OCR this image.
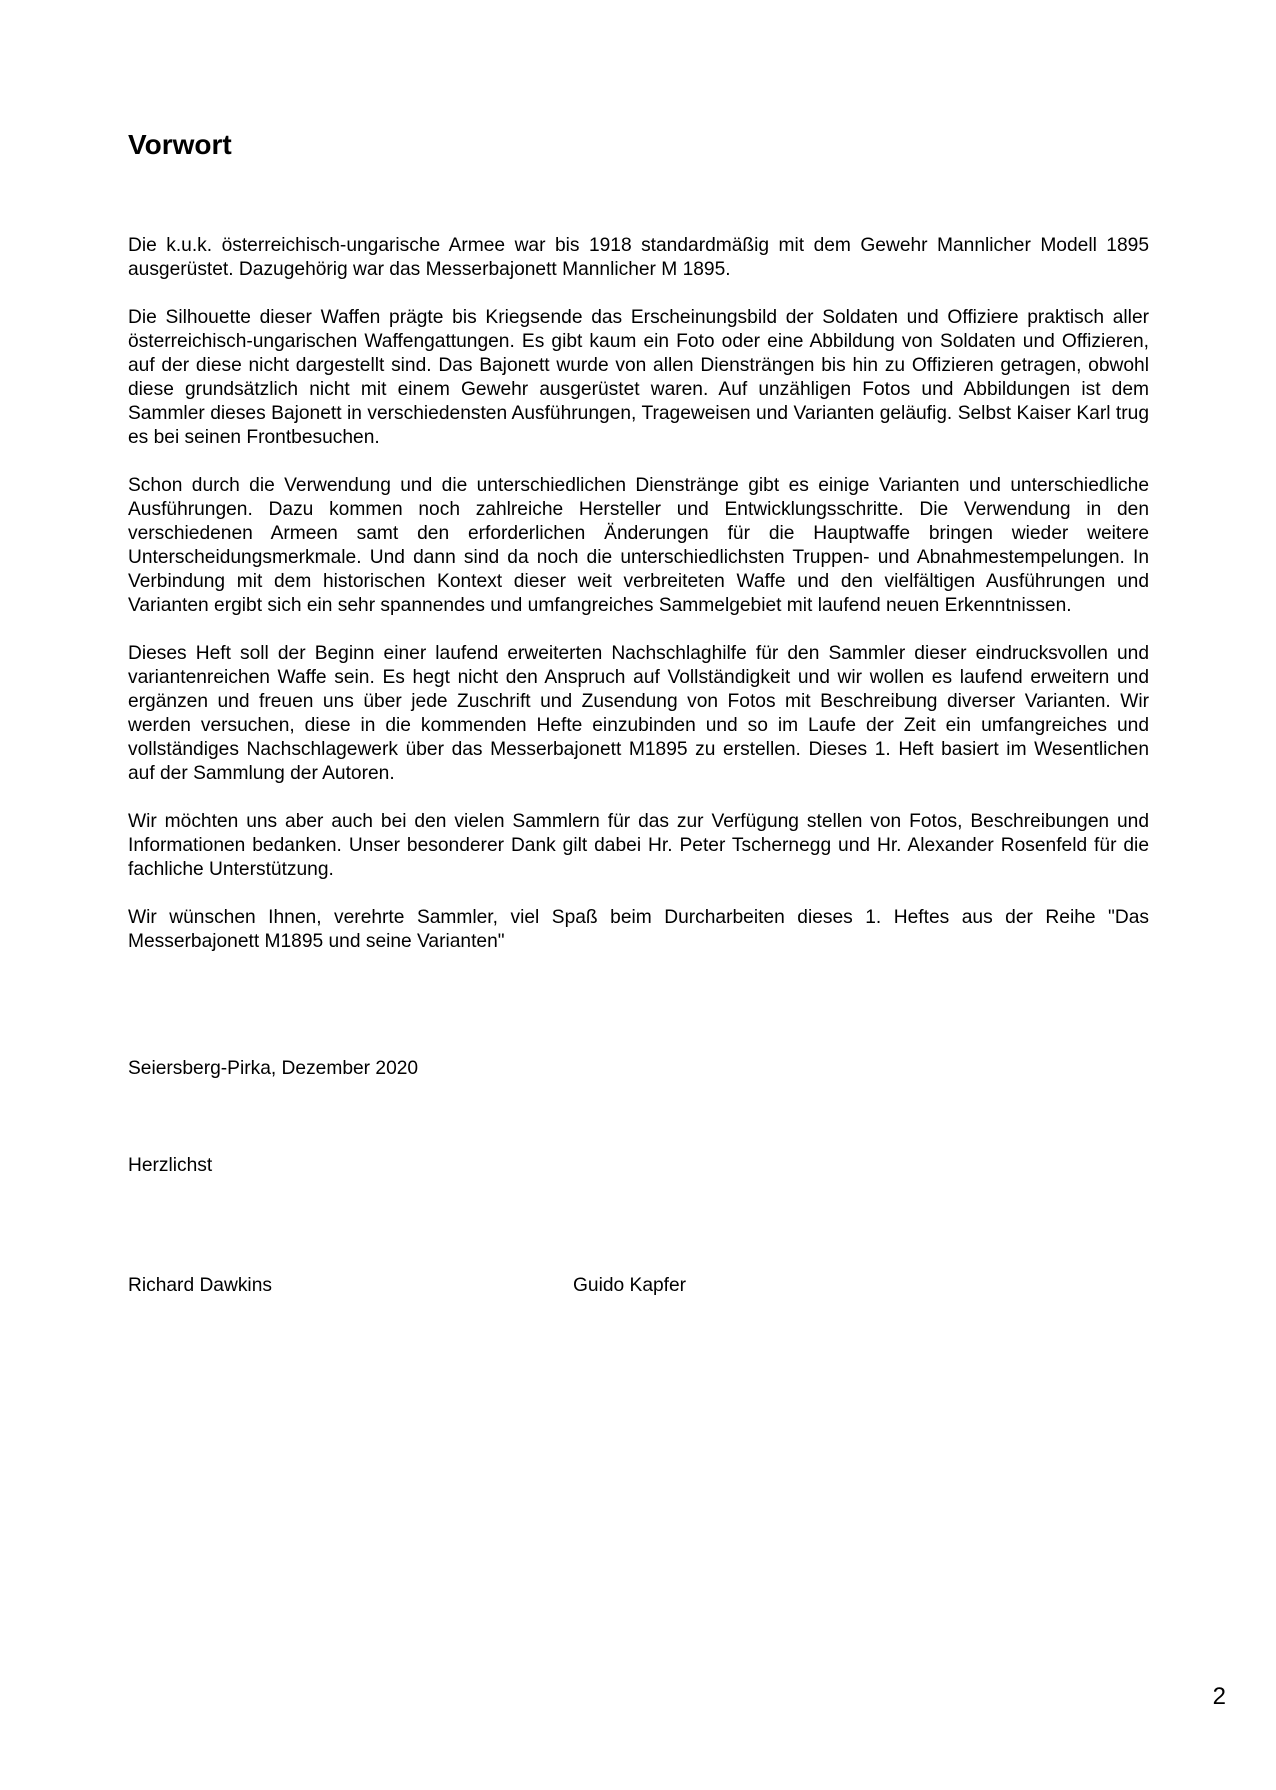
Vorwort

Die k.u.k. österreichisch-ungarische Armee war bis 1918 standardmäßig mit dem Gewehr Mannlicher Modell 1895 ausgerüstet. Dazugehörig war das Messerbajonett Mannlicher M 1895.

Die Silhouette dieser Waffen prägte bis Kriegsende das Erscheinungsbild der Soldaten und Offiziere praktisch aller österreichisch-ungarischen Waffengattungen. Es gibt kaum ein Foto oder eine Abbildung von Soldaten und Offizieren, auf der diese nicht dargestellt sind. Das Bajonett wurde von allen Diensträngen bis hin zu Offizieren getragen, obwohl diese grundsätzlich nicht mit einem Gewehr ausgerüstet waren. Auf unzähligen Fotos und Abbildungen ist dem Sammler dieses Bajonett in verschiedensten Ausführungen, Trageweisen und Varianten geläufig. Selbst Kaiser Karl trug es bei seinen Frontbesuchen.

Schon durch die Verwendung und die unterschiedlichen Dienstränge gibt es einige Varianten und unterschiedliche Ausführungen. Dazu kommen noch zahlreiche Hersteller und Entwicklungsschritte. Die Verwendung in den verschiedenen Armeen samt den erforderlichen Änderungen für die Hauptwaffe bringen wieder weitere Unterscheidungsmerkmale. Und dann sind da noch die unterschiedlichsten Truppen- und Abnahmestempelungen. In Verbindung mit dem historischen Kontext dieser weit verbreiteten Waffe und den vielfältigen Ausführungen und Varianten ergibt sich ein sehr spannendes und umfangreiches Sammelgebiet mit laufend neuen Erkenntnissen.

Dieses Heft soll der Beginn einer laufend erweiterten Nachschlaghilfe für den Sammler dieser eindrucksvollen und variantenreichen Waffe sein. Es hegt nicht den Anspruch auf Vollständigkeit und wir wollen es laufend erweitern und ergänzen und freuen uns über jede Zuschrift und Zusendung von Fotos mit Beschreibung diverser Varianten. Wir werden versuchen, diese in die kommenden Hefte einzubinden und so im Laufe der Zeit ein umfangreiches und vollständiges Nachschlagewerk über das Messerbajonett M1895 zu erstellen. Dieses 1. Heft basiert im Wesentlichen auf der Sammlung der Autoren.

Wir möchten uns aber auch bei den vielen Sammlern für das zur Verfügung stellen von Fotos, Beschreibungen und Informationen bedanken. Unser besonderer Dank gilt dabei Hr. Peter Tschernegg und Hr. Alexander Rosenfeld für die fachliche Unterstützung.

Wir wünschen Ihnen, verehrte Sammler, viel Spaß beim Durcharbeiten dieses 1. Heftes aus der Reihe "Das Messerbajonett M1895 und seine Varianten"

Seiersberg-Pirka, Dezember 2020

Herzlichst

Richard Dawkins	Guido Kapfer

2
